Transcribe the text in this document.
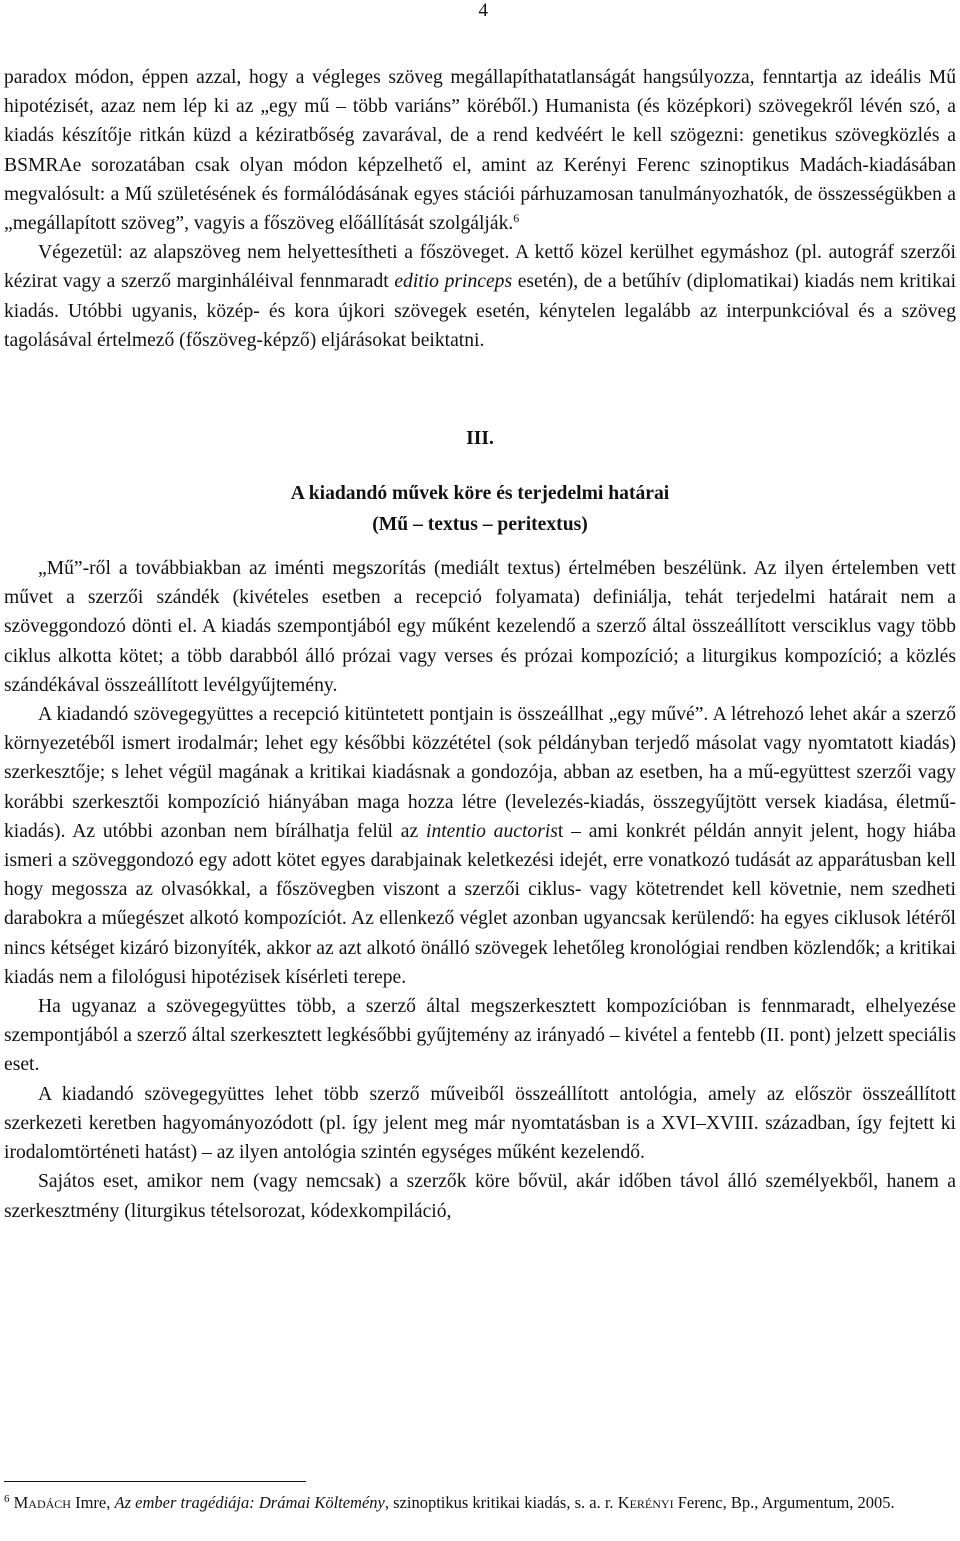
4

paradox módon, éppen azzal, hogy a végleges szöveg megállapíthatatlanságát hangsúlyozza, fenntartja az ideális Mű hipotézisét, azaz nem lép ki az „egy mű – több variáns” köréből.) Humanista (és középkori) szövegekről lévén szó, a kiadás készítője ritkán küzd a kéziratbőség zavarával, de a rend kedvéért le kell szögezni: genetikus szövegközlés a BSMRAe sorozatában csak olyan módon képzelhető el, amint az Kerényi Ferenc szinoptikus Madách-kiadásában megvalósult: a Mű születésének és formálódásának egyes stációi párhuzamosan tanulmányozhatók, de összességükben a „megállapított szöveg”, vagyis a főszöveg előállítását szolgálják.$^6$

Végezetül: az alapszöveg nem helyettesítheti a főszöveget. A kettő közel kerülhet egymáshoz (pl. autográf szerzői kézirat vagy a szerző marginháléival fennmaradt editio princeps esetén), de a betűhív (diplomatikai) kiadás nem kritikai kiadás. Utóbbi ugyanis, közép- és kora újkori szövegek esetén, kénytelen legalább az interpunkcióval és a szöveg tagolásával értelmező (főszöveg-képző) eljárásokat beiktatni.

III.
A kiadandó művek köre és terjedelmi határai
(Mű – textus – peritextus)

„Mű”-ről a továbbiakban az iménti megszorítás (mediált textus) értelmében beszélünk. Az ilyen értelemben vett művet a szerzői szándék (kivételes esetben a recepció folyamata) definiálja, tehát terjedelmi határait nem a szöveggondozó dönti el. A kiadás szempontjából egy műként kezelendő a szerző által összeállított versciklus vagy több ciklus alkotta kötet; a több darabból álló prózai vagy verses és prózai kompozíció; a liturgikus kompozíció; a közlés szándékával összeállított levélgyűjtemény.

A kiadandó szövegegyüttes a recepció kitüntetett pontjain is összeállhat „egy művé”. A létrehozó lehet akár a szerző környezetéből ismert irodalmár; lehet egy későbbi közzététel (sok példányban terjedő másolat vagy nyomtatott kiadás) szerkesztője; s lehet végül magának a kritikai kiadásnak a gondozója, abban az esetben, ha a mű-együttest szerzői vagy korábbi szerkesztői kompozíció hiányában maga hozza létre (levelezés-kiadás, összegyűjtött versek kiadása, életmű-kiadás). Az utóbbi azonban nem bírálhatja felül az intentio auctorist – ami konkrét példán annyit jelent, hogy hiába ismeri a szöveggondozó egy adott kötet egyes darabjainak keletkezési idejét, erre vonatkozó tudását az apparátusban kell hogy megossza az olvasókkal, a főszövegben viszont a szerzői ciklus- vagy kötetrendet kell követnie, nem szedheti darabokra a műegészet alkotó kompozíciót. Az ellenkező véglet azonban ugyancsak kerülendő: ha egyes ciklusok létéről nincs kétséget kizáró bizonyíték, akkor az azt alkotó önálló szövegek lehetőleg kronológiai rendben közlendők; a kritikai kiadás nem a filológusi hipotézisek kísérleti terepe.

Ha ugyanaz a szövegegyüttes több, a szerző által megszerkesztett kompozícióban is fennmaradt, elhelyezése szempontjából a szerző által szerkesztett legkésőbbi gyűjtemény az irányadó – kivétel a fentebb (II. pont) jelzett speciális eset.

A kiadandó szövegegyüttes lehet több szerző műveiből összeállított antológia, amely az először összeállított szerkezeti keretben hagyományozódott (pl. így jelent meg már nyomtatásban is a XVI–XVIII. században, így fejtett ki irodalomtörténeti hatást) – az ilyen antológia szintén egységes műként kezelendő.

Sajátos eset, amikor nem (vagy nemcsak) a szerzők köre bővül, akár időben távol álló személyekből, hanem a szerkesztmény (liturgikus tételsorozat, kódexkompiláció,

$^6$ Madách Imre, Az ember tragédiája: Drámai Költemény, szinoptikus kritikai kiadás, s. a. r. Kerényi Ferenc, Bp., Argumentum, 2005.
